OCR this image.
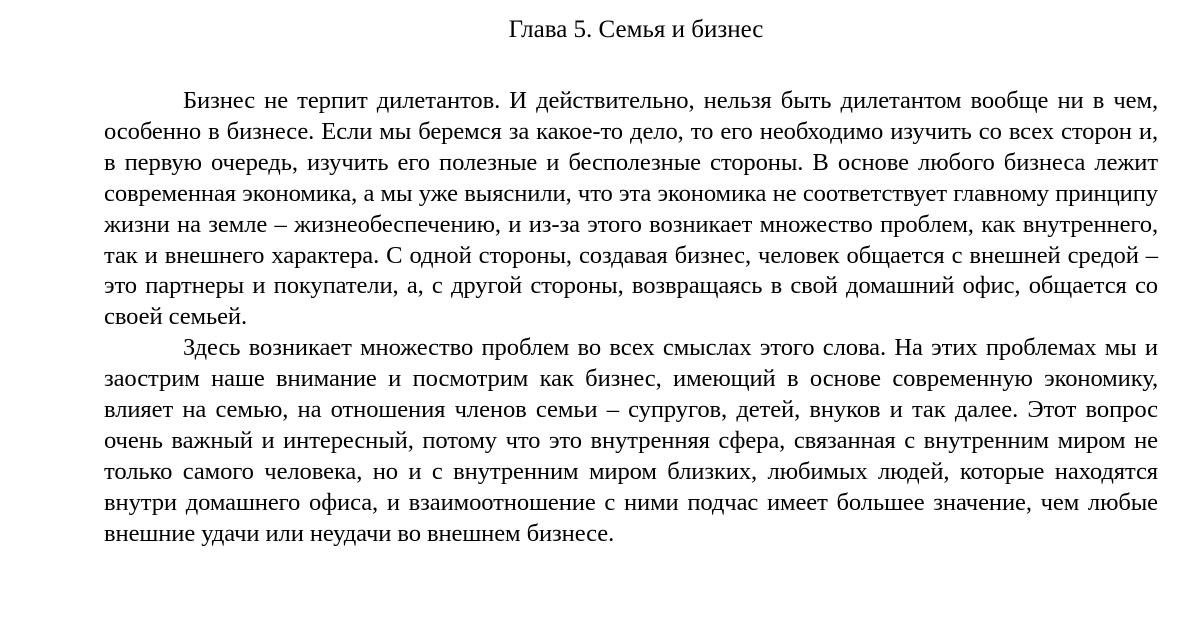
Глава 5. Семья и бизнес

Бизнес не терпит дилетантов. И действительно, нельзя быть дилетантом вообще ни в чем, особенно в бизнесе. Если мы беремся за какое-то дело, то его необходимо изучить со всех сторон и, в первую очередь, изучить его полезные и бесполезные стороны. В основе любого бизнеса лежит современная экономика, а мы уже выяснили, что эта экономика не соответствует главному принципу жизни на земле – жизнеобеспечению, и из-за этого возникает множество проблем, как внутреннего, так и внешнего характера. С одной стороны, создавая бизнес, человек общается с внешней средой – это партнеры и покупатели, а, с другой стороны, возвращаясь в свой домашний офис, общается со своей семьей.

Здесь возникает множество проблем во всех смыслах этого слова. На этих проблемах мы и заострим наше внимание и посмотрим как бизнес, имеющий в основе современную экономику, влияет на семью, на отношения членов семьи – супругов, детей, внуков и так далее. Этот вопрос очень важный и интересный, потому что это внутренняя сфера, связанная с внутренним миром не только самого человека, но и с внутренним миром близких, любимых людей, которые находятся внутри домашнего офиса, и взаимоотношение с ними подчас имеет большее значение, чем любые внешние удачи или неудачи во внешнем бизнесе.
